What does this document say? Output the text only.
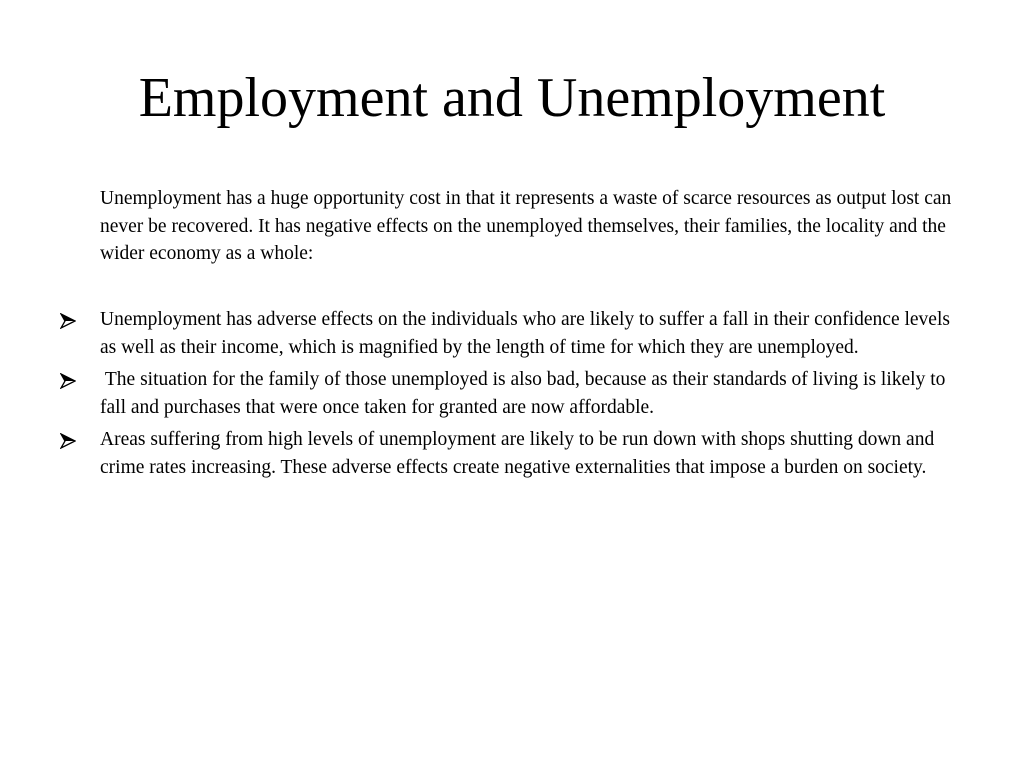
Employment and Unemployment

Unemployment has a huge opportunity cost in that it represents a waste of scarce resources as output lost can never be recovered. It has negative effects on the unemployed themselves, their families, the locality and the wider economy as a whole:

Unemployment has adverse effects on the individuals who are likely to suffer a fall in their confidence levels as well as their income, which is magnified by the length of time for which they are unemployed.
The situation for the family of those unemployed is also bad, because as their standards of living is likely to fall and purchases that were once taken for granted are now affordable.
Areas suffering from high levels of unemployment are likely to be run down with shops shutting down and crime rates increasing. These adverse effects create negative externalities that impose a burden on society.
